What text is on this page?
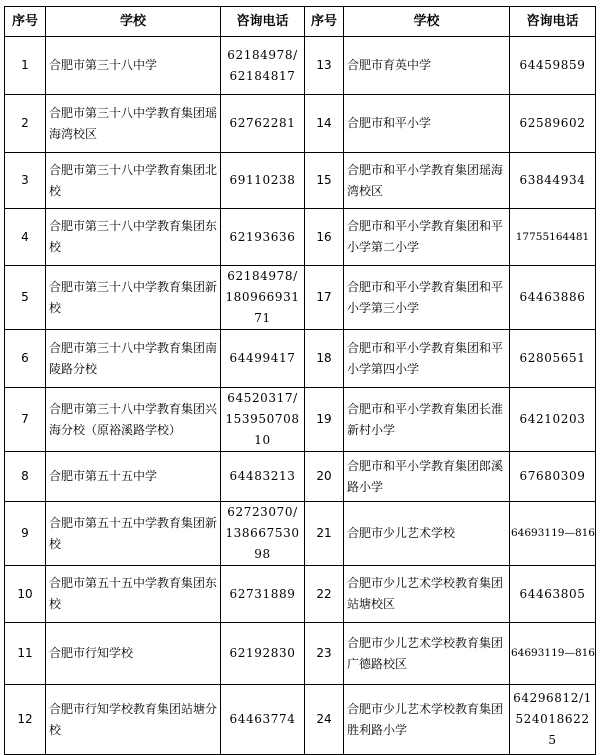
序号	学校	咨询电话	序号	学校	咨询电话
1	合肥市第三十八中学	62184978/62184817	13	合肥市育英中学	64459859
2	合肥市第三十八中学教育集团瑶海湾校区	62762281	14	合肥市和平小学	62589602
3	合肥市第三十八中学教育集团北校	69110238	15	合肥市和平小学教育集团瑶海湾校区	63844934
4	合肥市第三十八中学教育集团东校	62193636	16	合肥市和平小学教育集团和平小学第二小学	17755164481
5	合肥市第三十八中学教育集团新校	62184978/18096693171	17	合肥市和平小学教育集团和平小学第三小学	64463886
6	合肥市第三十八中学教育集团南陵路分校	64499417	18	合肥市和平小学教育集团和平小学第四小学	62805651
7	合肥市第三十八中学教育集团兴海分校（原裕溪路学校）	64520317/15395070810	19	合肥市和平小学教育集团长淮新村小学	64210203
8	合肥市第五十五中学	64483213	20	合肥市和平小学教育集团郎溪路小学	67680309
9	合肥市第五十五中学教育集团新校	62723070/13866753098	21	合肥市少儿艺术学校	64693119—816
10	合肥市第五十五中学教育集团东校	62731889	22	合肥市少儿艺术学校教育集团站塘校区	64463805
11	合肥市行知学校	62192830	23	合肥市少儿艺术学校教育集团广德路校区	64693119—816
12	合肥市行知学校教育集团站塘分校	64463774	24	合肥市少儿艺术学校教育集团胜利路小学	64296812/15240186225
